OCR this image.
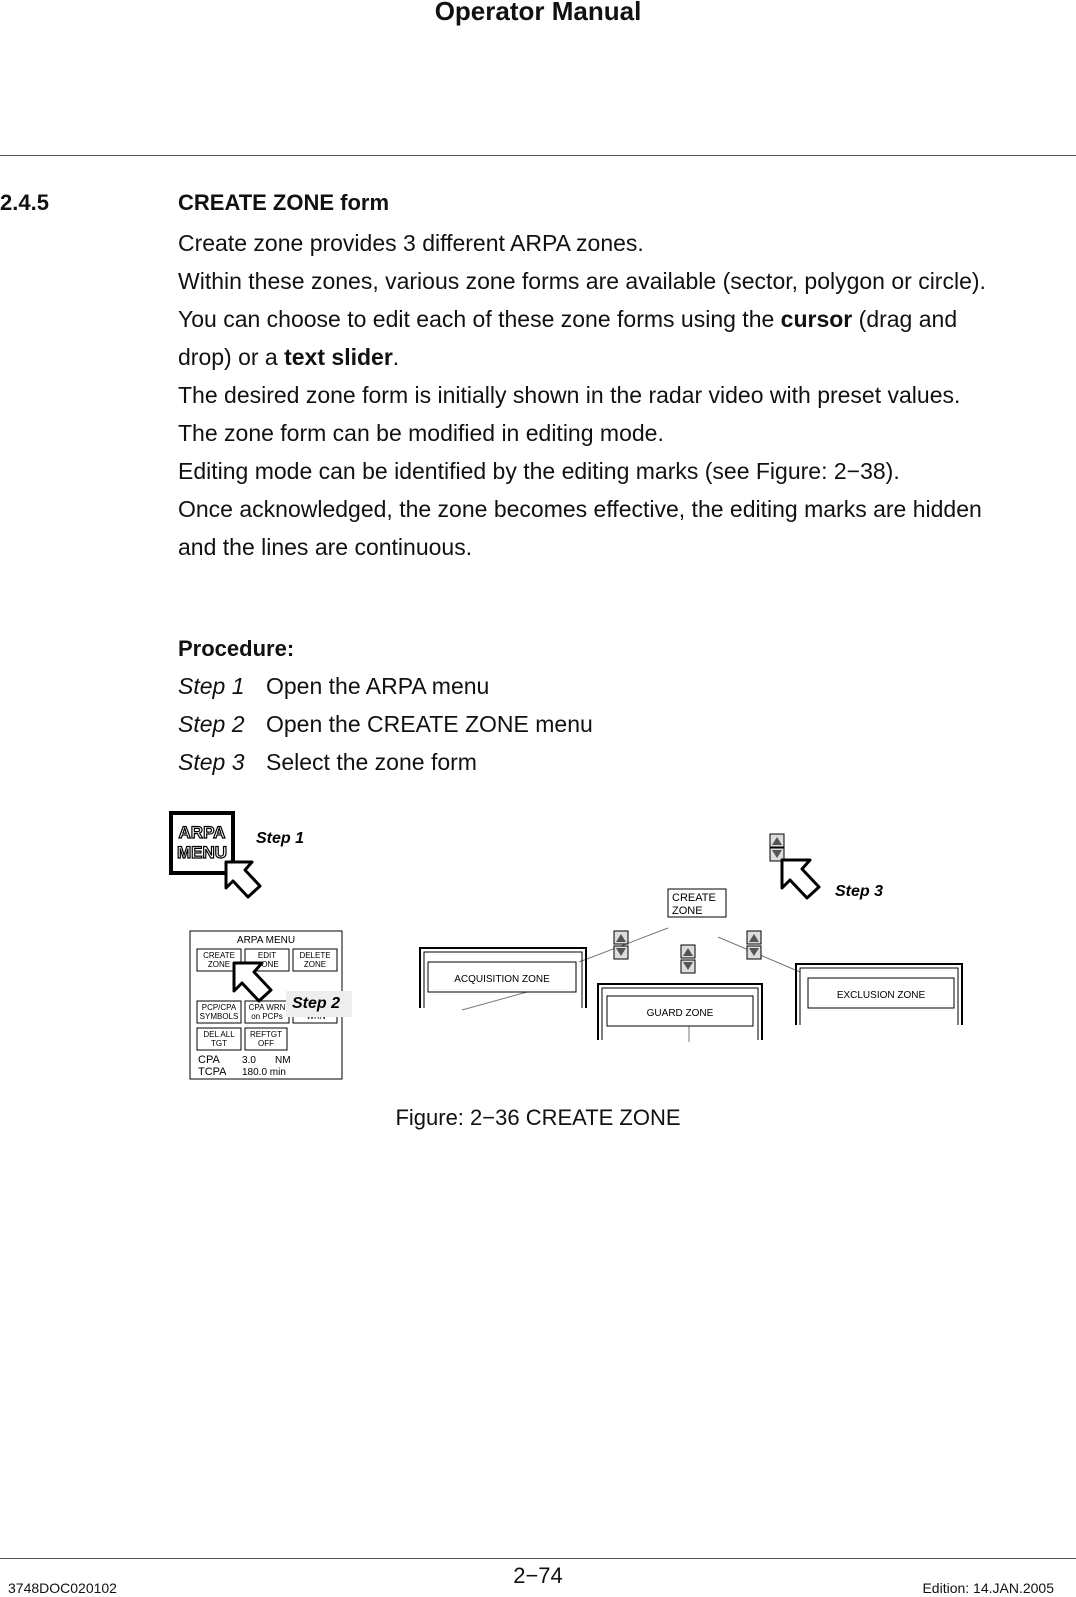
Operator Manual
2.4.5	CREATE ZONE form

Create zone provides 3 different ARPA zones.

Within these zones, various zone forms are available (sector, polygon or circle).

You can choose to edit each of these zone forms using the cursor (drag and

drop) or a text slider.

The desired zone form is initially shown in the radar video with preset values.

The zone form can be modified in editing mode.

Editing mode can be identified by the editing marks (see Figure: 2−38).

Once acknowledged, the zone becomes effective, the editing marks are hidden

and the lines are continuous.

Procedure:
Step 1 Open the ARPA menu
Step 2 Open the CREATE ZONE menu
Step 3 Select the zone form
ARPA
MENU
Step 1
ARPA MENU
CREATE
ZONE
EDIT
ONE
DELETE
ZONE
PCP/CPA
SYMBOLS
CPA WRN
on PCPs
DEL ALL
TGT
REFTGT
OFF
CPA 3.0 NM
TCPA 180.0 min
Step 2
Step 3
CREATE
ZONE
ACQUISITION ZONE
GUARD ZONE
EXCLUSION ZONE
Figure: 2−36 CREATE ZONE
3748DOC020102	2−74	Edition: 14.JAN.2005
